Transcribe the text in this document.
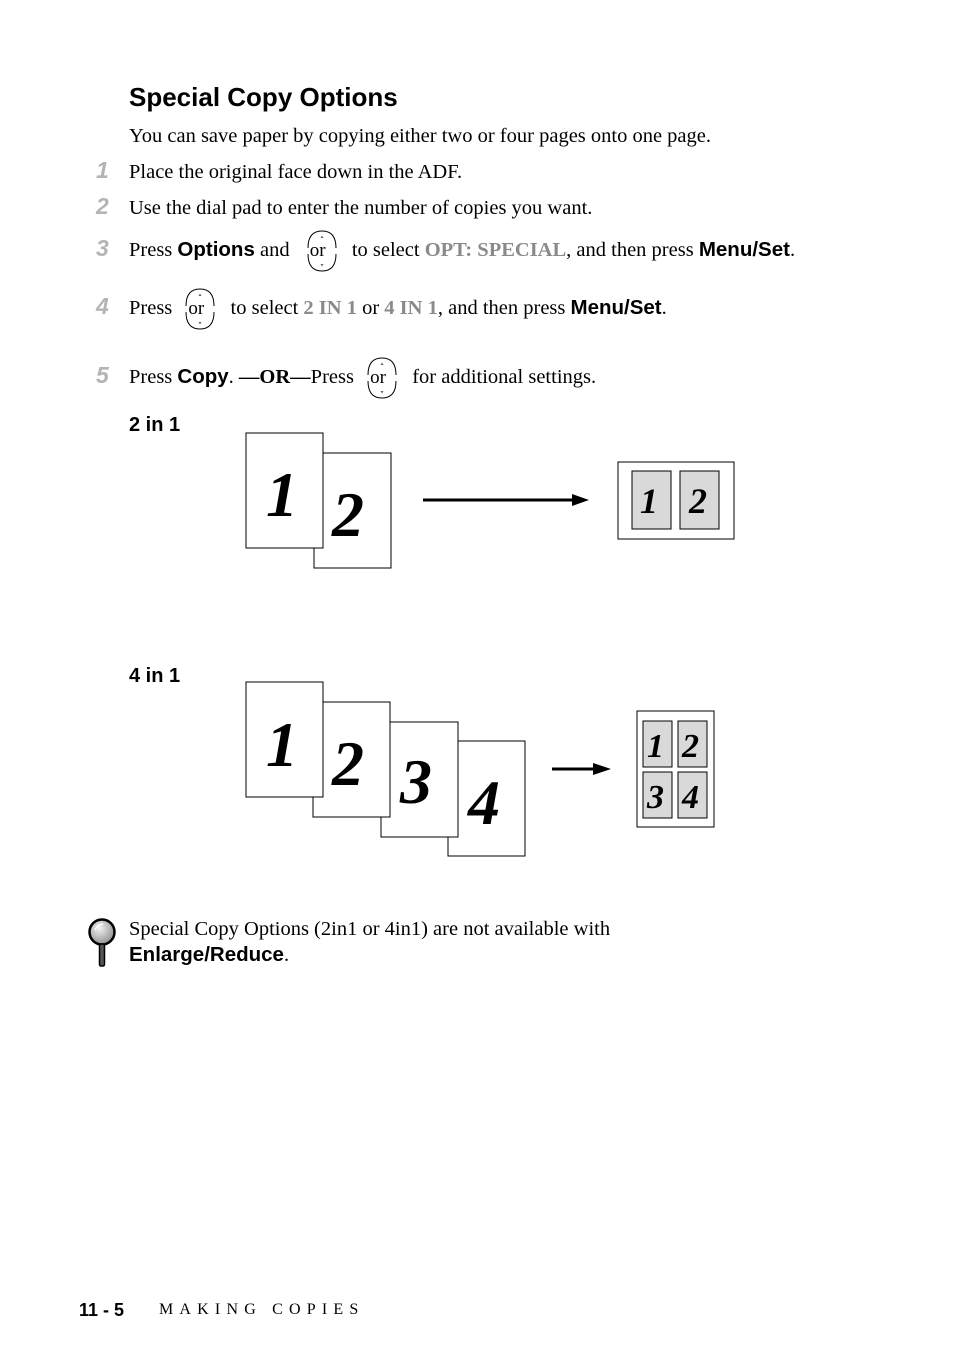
Special Copy Options
You can save paper by copying either two or four pages onto one page.
1 Place the original face down in the ADF.
2 Use the dial pad to enter the number of copies you want.
3 Press Options and or to select OPT: SPECIAL, and then press Menu/Set.
4 Press or to select 2 IN 1 or 4 IN 1, and then press Menu/Set.
5 Press Copy. —OR—Press or for additional settings.
2 in 1
2
1	1 2
4 in 1
4
3
2
1	1 2
3 4
Special Copy Options (2in1 or 4in1) are not available with
Enlarge/Reduce.
11 - 5 MAKING COPIES
